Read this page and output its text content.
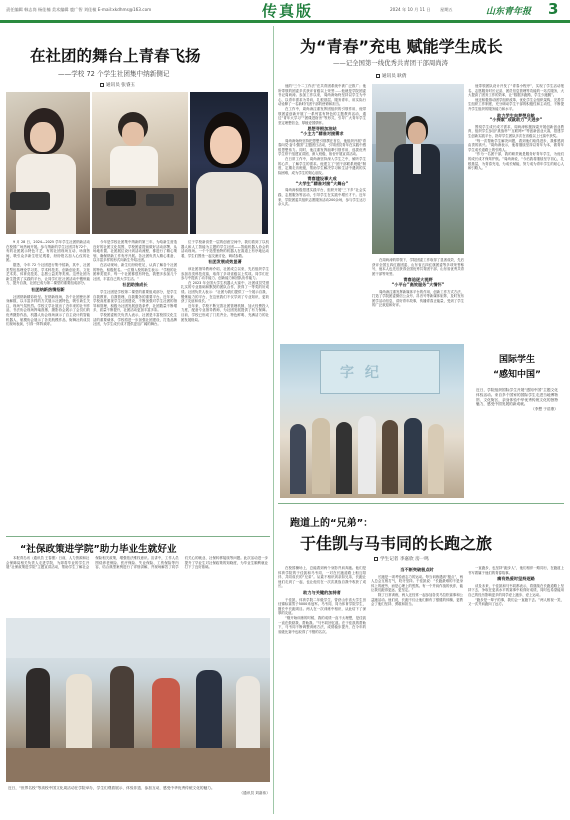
责任编辑 韩志岗 杨佳楠 美术编辑 鹿广智 刘佳桢 E-mail:xkdhms@163.com	2024 年 10 月 11 日 星期五
传真版	山东青年报 3
在社团的舞台上青春飞扬
——学校 72 个学生社团集中纳新侧记
通讯员 张睿玉

9 月 28 日，2024—2025 学年学生社团纳新活动在校园广场热闹开展。参与纳新的学生社团共有72个，有的社团展示特色才艺，有的社团现场互动、场面热闹，吸引众多新生驻足观看，纷纷报名加入心仪的社团。

据悉，今年 72 个社团进行集中招新，其中，社团类型包括理论学习类、学术科技类、创新创业类、文化艺术类、体育竞技类、志愿公益类等类别。这些社团为新生提供了实践的平台，让同学们在社团活动中锻炼能力、提升自我，社团已成为第二课堂的重要组成部分。

社团纳新热情招新

社团纳新精彩纷呈。在纳新现场，各个社团使出浑身解数，以丰富多样的方式展示社团特色，吸引新生关注，现场气氛热烈。学校文学社展出了近年来的社刊作品，书法协会现场挥毫泼墨，摄影协会展示了会员们的优秀摄影作品，机器人协会现场演示了自主设计的智能机器人，航模协会展示了各类航模作品，街舞社的成员们现场表演，引得一阵阵欢呼。

今年是学校社团集中纳新的第三年，为给新生营造良好的社团文化氛围，学校团委提前做好活动部署，从场地布置、社团展位设计到活动流程，都进行了精心策划，确保纳新工作有序开展。各社团负责人精心准备，以丰富多样的形式向新生介绍社团。

在活动现场，新生们纷纷驻足，认真了解各个社团的特色，积极报名。一位刚入校的新生表示：“学校的社团种类很多，每一个社团都很有特色，我想多参加几个社团，丰富自己的大学生活。”

社团助推成长

学生社团是学校第二课堂的重要组成部分，是学生自我教育、自我管理、自我服务的重要平台。近年来，学校高度重视学生社团建设，不断加强对学生社团的指导和管理，积极为社团发展创造条件，社团数量不断增多，质量不断提升，社团活动更加丰富多彩。

学校团委相关负责人表示，社团是丰富校园文化生活的重要载体，学校将进一步加强社团建设，打造品牌社团，为学生成长成才提供更加广阔的舞台。

位于学校新食堂一层的创意空间中，我们看到了以机器人和人工智能为主题的学生社团——智能机器人协会的活动现场。一个个造型独特的机器人在赛道上有序地运动着，学生们围坐一起交流讨论、调试参数。

社团发展成效显著

该社团指导教师介绍，社团成立以来，先后组织学生参加各类科技竞赛，取得了多项省级以上奖项。同学们在参与中提高了动手能力、创新能力和团队协作能力。

在 2023 年全国大学生机器人大赛中，社团成员凭借扎实的专业基础和默契的团队合作，获得了一等奖的好成绩。社团负责人表示：“社团为我们提供了一个展示自我、锻炼能力的平台，在这里我们不仅学到了专业知识，更收获了友谊和成长。”

近年来，学校不断完善社团管理机制，加大经费投入力度，配备专业指导教师，为社团发展提供了有力保障。目前，学校已形成了门类齐全、特色鲜明、充满活力的社团发展格局。

为“青春”充电 赋能学生成长
——记全国第一线优秀共青团干部周尚涛
通讯员 耿倩

他的“三个二工作法”在共青团系统中被广泛推广；他所带领的团委多次获评省级以上荣誉……他就是学院团委书记周尚涛。参加工作以来，周尚涛始终坚持以学生为中心，以青年需求为导向，扎根基层、服务青年，用实际行动诠释了一名新时代团干部的使命和担当。

在工作中，周尚涛注重发挥团组织的引领作用，他带领团委创新开展了一系列富有特色的主题教育活动，通过“青年大学习”“团课进宿舍”等形式，引导广大青年学生坚定理想信念，厚植爱国情怀。

思想寻根加油站

“小主力”精准对接需求

周尚涛始终坚持把思想引领摆在首位，他组织开展“青春向党·奋斗强国”主题团日活动，引导团员青年在实践中感悟思想伟力。同时，他注重发挥朋辈引领作用，选拔优秀学生骨干组建宣讲团，深入班级、宿舍开展宣讲活动。

在日常工作中，周尚涛坚持深入学生之中，倾听学生的心声，了解学生的需求。他建立了“团干部联系班级”制度，定期走访班级，帮助学生解决学习和生活中遇到的实际困难，成为学生的知心朋友。

青春建设事大成

“大学生”精准对接“大舞台”

周尚涛积极搭建实践平台，组织开展“三下乡”社会实践、志愿服务等活动，引导学生在实践中增长才干。近年来，学院团委共组织志愿服务活动200余场，参与学生达万余人次。

在周尚涛的带领下，学院团委工作取得了显著成效，先后获评全国五四红旗团委、山东省五四红旗团委等多项荣誉称号，他本人也先后获得全国优秀共青团干部、山东省优秀共青团干部等荣誉。

青春追逐大视野

“小平台”高效服务“大情怀”

周尚涛注重发挥新媒体平台的作用，创新工作方式方法，打造了学院团委微信公众号、抖音号等新媒体矩阵，及时发布团学活动信息，讲好青年故事，传播青春正能量，受到了学生的广泛欢迎和好评。

他带领团队设计开发了“青春小程序”，实现了学生活动报名、志愿服务时长记录、团员信息管理等功能的一站式服务，大大提高了团务工作的效率，让“数据多跑路，学生少跑腿”。

他还积极推动团学组织改革，优化学生会组织架构，完善学生组织工作制度，充分调动学生干部的积极性和主动性，不断提升学生组织的服务能力和水平。

助力学生向梦想启航

“小探索”成就助力“大进步”

围绕学生成长成才需求，周尚涛积极探索开展创新创业教育，组织学生参加“挑战杯”“互联网+”等创新创业大赛，搭建学生创新实践平台，指导学生团队多次在省级以上比赛中获奖。

“每一次帮助学生解决问题，看到他们取得进步，我都感到由衷的高兴。”周尚涛表示，他将继续坚持以青年为本，做青年学生成长道路上的引路人。

“作为一名团干部，我的职责就是服务好青年学生，为他们的成长成才保驾护航。”周尚涛说，“今后我将继续坚守初心，扎根基层，为青春充电，为成长赋能，努力成为青年学生的贴心人和引路人。”

字 纪
国际学生
“感知中国”
近日，学院组织国际学生开展“感知中国”主题文化体验活动。来自多个国家的国际学生走进当地博物馆、文化街区，亲身体验中华优秀传统文化的独特魅力，感受中国发展的新成就。
（李想 于浩康）
“社保政策进学院”助力毕业生就好业

本报青岛讯（通讯员 王春蕾）日前，人力资源和社会保障局相关负责人走进学院，为即将毕业的学生开展“社保政策进学院”主题宣讲活动，帮助学生了解社会保险相关政策，增强依法维权意识。宣讲中，工作人员围绕养老保险、医疗保险、失业保险、工伤保险等内容，结合典型案例进行了详细讲解，并现场解答了同学们关心的就业、社保转移接续等问题。此次活动进一步提升了毕业生对社保政策的知晓度，为毕业生顺利就业打下了良好基础。

近日，“世界名校”等高校中国文化周活动在学院举办，学生们观看展示、体验非遗、参加互动，感受中华优秀传统文化的魅力。
（通讯员 刘嘉伟）
跑道上的“兄弟”：
于佳凯与马韦同的长跑之旅
学生记者 李嘉欣 房一鸣

在校园操场上，总能看到两个身影并肩奔跑。他们是体育学院的于佳凯和马韦同，一对在长跑道路上相互陪伴、共同成长的“兄弟”。从素不相识到亲如兄弟，长跑让他们走到了一起，也让他们在一次次挑战自我中收获了成长。

助力与关键的加持者

于佳凯，体育学院二年级学生，曾获山东省大学生田径锦标赛男子5000米冠军。马韦同，同为体育学院学生，擅长中长跑项目。两人在一次训练中相识，从此结下了深厚的友谊。

“刚开始训练的时候，我的成绩一直不太理想，是佳凯一直在鼓励我、帮助我。”马韦同回忆道。在于佳凯的帮助下，马韦同不断调整训练方法，成绩稳步提升，在今年的省级比赛中也取得了不错的名次。

当不断突破极点时

长跑是一项考验意志力的运动。每当训练遇到“极点”，两人总会互相打气，咬牙坚持。于佳凯说：“长跑最难的不是身体上的疲劳，而是心理上的煎熬。有一个并肩作战的伙伴，能让我们跑得更远、更坚定。”

除了日常训练，两人还经常一起参加各类马拉松赛事和公益跑活动。他们说，长跑不仅让他们拥有了强健的体魄，更教会了他们坚持、勇敢和担当。

一直跑步，也坚持“跑步人”，他们相伴一路同行，在跑道上书写着属于他们的青春故事。

痛有热爱时坚持逐路

谈及未来，于佳凯和马韦同都表示，将继续在长跑道路上坚持下去，争取在更高水平的赛事中取得好成绩，同时也希望能用自己的经历影响更多的同学爱上跑步、爱上运动。

“跑步是一辈子的事，我们会一直跑下去。”两人相视一笑，又一次并肩跑向了远方。
